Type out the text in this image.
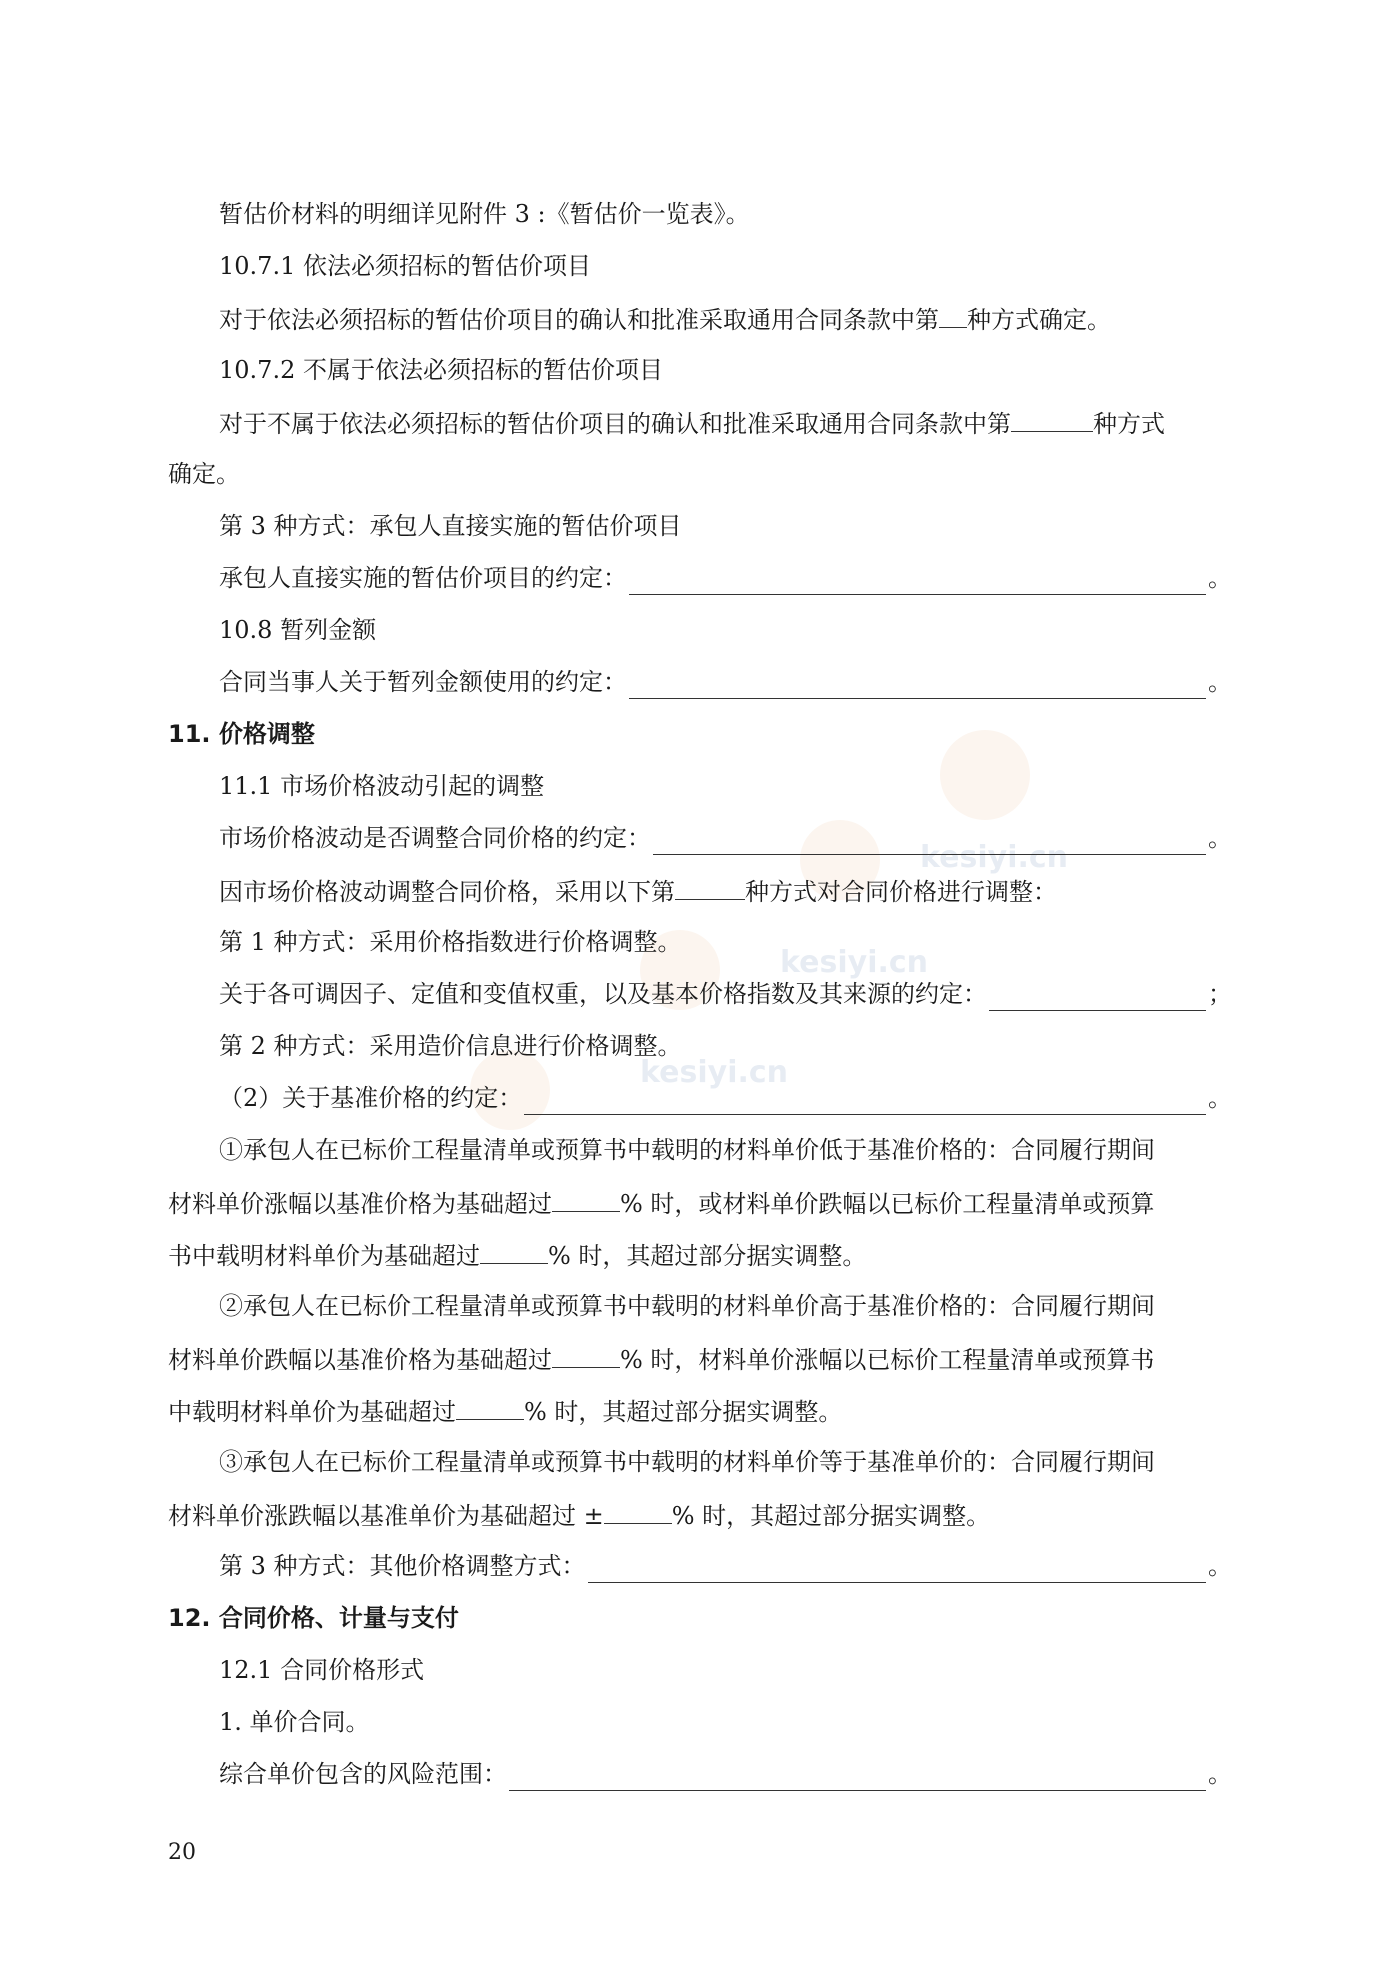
kesiyi.cn
kesiyi.cn
kesiyi.cn
暂估价材料的明细详见附件 3 :《暂估价一览表》。
10.7.1 依法必须招标的暂估价项目
对于依法必须招标的暂估价项目的确认和批准采取通用合同条款中第 种方式确定。
10.7.2 不属于依法必须招标的暂估价项目
对于不属于依法必须招标的暂估价项目的确认和批准采取通用合同条款中第	种方式
确定。
第 3 种方式：承包人直接实施的暂估价项目
承包人直接实施的暂估价项目的约定：	。
10.8 暂列金额
合同当事人关于暂列金额使用的约定：	。
11. 价格调整
11.1 市场价格波动引起的调整
市场价格波动是否调整合同价格的约定：	。
因市场价格波动调整合同价格，采用以下第	种方式对合同价格进行调整：
第 1 种方式：采用价格指数进行价格调整。
关于各可调因子、定值和变值权重，以及基本价格指数及其来源的约定：	；
第 2 种方式：采用造价信息进行价格调整。
（2）关于基准价格的约定：	。
①承包人在已标价工程量清单或预算书中载明的材料单价低于基准价格的：合同履行期间
材料单价涨幅以基准价格为基础超过	% 时，或材料单价跌幅以已标价工程量清单或预算
书中载明材料单价为基础超过	% 时，其超过部分据实调整。
②承包人在已标价工程量清单或预算书中载明的材料单价高于基准价格的：合同履行期间
材料单价跌幅以基准价格为基础超过	% 时，材料单价涨幅以已标价工程量清单或预算书
中载明材料单价为基础超过	% 时，其超过部分据实调整。
③承包人在已标价工程量清单或预算书中载明的材料单价等于基准单价的：合同履行期间
材料单价涨跌幅以基准单价为基础超过 ±	% 时，其超过部分据实调整。
第 3 种方式：其他价格调整方式：	。
12. 合同价格、计量与支付
12.1 合同价格形式
1. 单价合同。
综合单价包含的风险范围：	。
20
